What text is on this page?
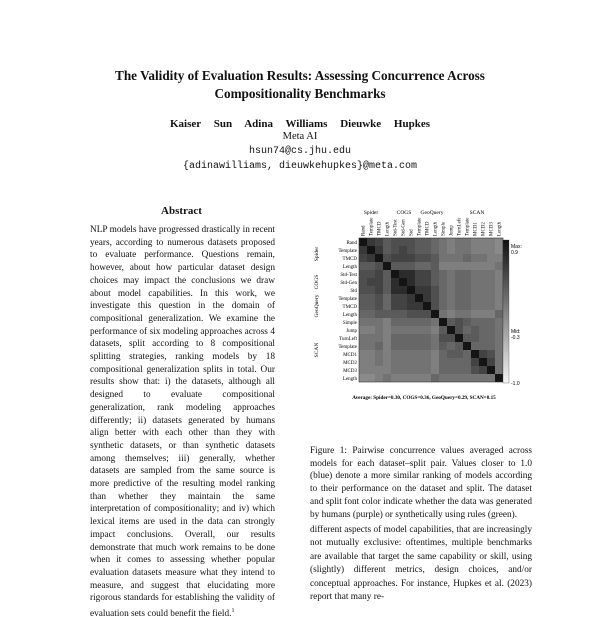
The Validity of Evaluation Results: Assessing Concurrence Across
Compositionality Benchmarks
Kaiser Sun Adina Williams Dieuwke Hupkes
Meta AI
hsun74@cs.jhu.edu
{adinawilliams, dieuwkehupkes}@meta.com
Abstract

NLP models have progressed drastically in recent years, according to numerous datasets proposed to evaluate performance. Questions remain, however, about how particular dataset design choices may impact the conclusions we draw about model capabilities. In this work, we investigate this question in the domain of compositional generalization. We examine the performance of six modeling approaches across 4 datasets, split according to 8 compositional splitting strategies, ranking models by 18 compositional generalization splits in total. Our results show that: i) the datasets, although all designed to evaluate compositional generalization, rank modeling approaches differently; ii) datasets generated by humans align better with each other than they with synthetic datasets, or than synthetic datasets among themselves; iii) generally, whether datasets are sampled from the same source is more predictive of the resulting model ranking than whether they maintain the same interpretation of compositionality; and iv) which lexical items are used in the data can strongly impact conclusions. Overall, our results demonstrate that much work remains to be done when it comes to assessing whether popular evaluation datasets measure what they intend to measure, and suggest that elucidating more rigorous standards for establishing the validity of evaluation sets could benefit the field.$^1$

Spider	COGS GeoQuery	SCAN
Rand Template TMCD Length Std-Test Std-Gen Std Template TMCD Length Simple Jump TurnLeft Template MCD1 MCD2 MCD3 Length
Rand
Template
TMCD
Length
Std-Test
Std-Gen
Std
Template
TMCD
Length
Simple
Jump
TurnLeft
Template
MCD1
MCD2
MCD3
Length
Spider
COGS
GeoQuery
SCAN
Max:
0.9
Mid:
-0.3
-1.0
Average: Spider=0.30, COGS=0.36, GeoQuery=0.29, SCAN=0.15

Figure 1: Pairwise concurrence values averaged across models for each dataset–split pair. Values closer to 1.0 (blue) denote a more similar ranking of models according to their performance on the dataset and split. The dataset and split font color indicate whether the data was generated by humans (purple) or synthetically using rules (green).

different aspects of model capabilities, that are increasingly not mutually exclusive: oftentimes, multiple benchmarks are available that target the same capability or skill, using (slightly) different metrics, design choices, and/or conceptual approaches. For instance, Hupkes et al. (2023) report that many re-
